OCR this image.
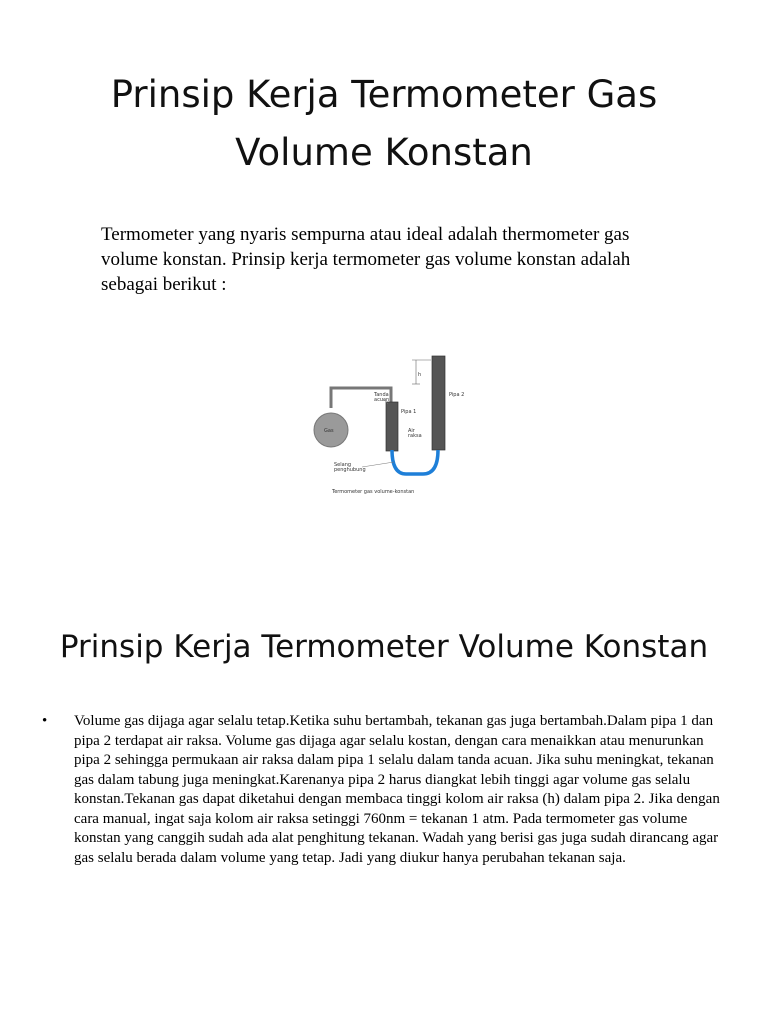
Prinsip Kerja Termometer Gas Volume Konstan

Termometer yang nyaris sempurna atau ideal adalah thermometer gas volume konstan. Prinsip kerja termometer gas volume konstan adalah sebagai berikut :

Gas
h
Tanda acuan
Pipa 1
Pipa 2
Air raksa
Selang penghubung
Termometer gas volume-konstan
Prinsip Kerja Termometer Volume Konstan
• Volume gas dijaga agar selalu tetap.Ketika suhu bertambah, tekanan gas juga bertambah.Dalam pipa 1 dan pipa 2 terdapat air raksa. Volume gas dijaga agar selalu kostan, dengan cara menaikkan atau menurunkan pipa 2 sehingga permukaan air raksa dalam pipa 1 selalu dalam tanda acuan. Jika suhu meningkat, tekanan gas dalam tabung juga meningkat.Karenanya pipa 2 harus diangkat lebih tinggi agar volume gas selalu konstan.Tekanan gas dapat diketahui dengan membaca tinggi kolom air raksa (h) dalam pipa 2. Jika dengan cara manual, ingat saja kolom air raksa setinggi 760nm = tekanan 1 atm. Pada termometer gas volume konstan yang canggih sudah ada alat penghitung tekanan. Wadah yang berisi gas juga sudah dirancang agar gas selalu berada dalam volume yang tetap. Jadi yang diukur hanya perubahan tekanan saja.
